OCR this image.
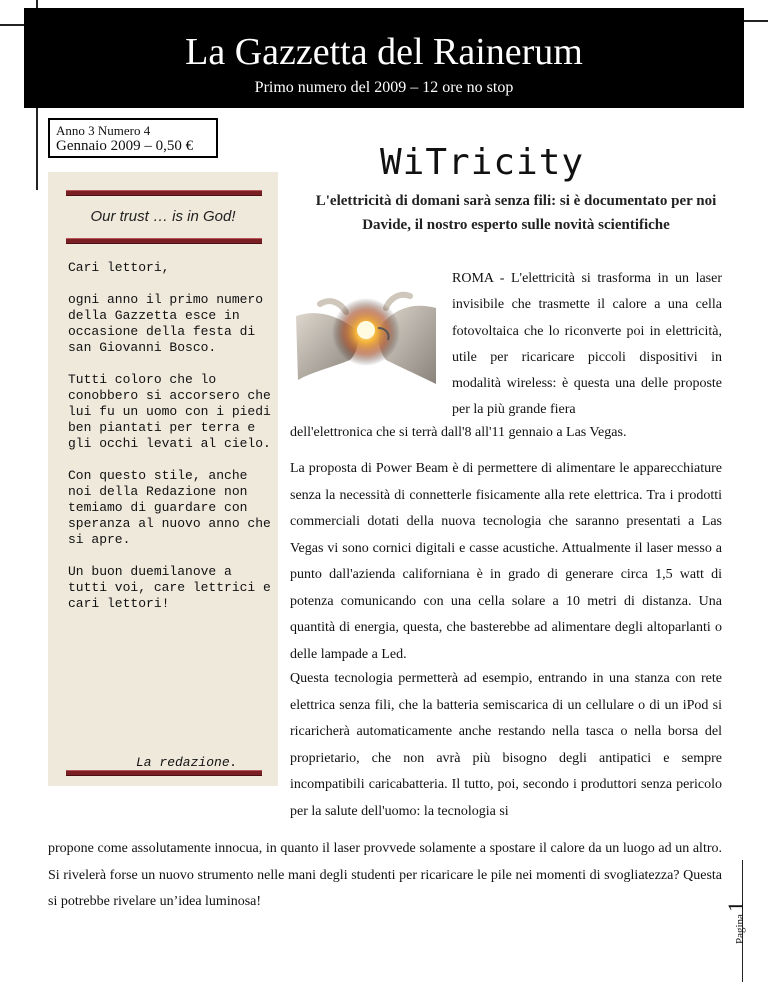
La Gazzetta del Rainerum
Primo numero del 2009 – 12 ore no stop
Anno 3 Numero 4
Gennaio 2009 – 0,50 €	WiTricity
L'elettricità di domani sarà senza fili: si è documentato per noi
Davide, il nostro esperto sulle novità scientifiche
Our trust … is in God!

Cari lettori,

ogni anno il primo numero della Gazzetta esce in occasione della festa di san Giovanni Bosco.

Tutti coloro che lo conobbero si accorsero che lui fu un uomo con i piedi ben piantati per terra e gli occhi levati al cielo.

Con questo stile, anche noi della Redazione non temiamo di guardare con speranza al nuovo anno che si apre.

Un buon duemilanove a tutti voi, care lettrici e cari lettori!

La redazione.

ROMA - L'elettricità si trasforma in un laser invisibile che trasmette il calore a una cella fotovoltaica che lo riconverte poi in elettricità, utile per ricaricare piccoli dispositivi in modalità wireless: è questa una delle proposte per la più grande fiera

dell'elettronica che si terrà dall'8 all'11 gennaio a Las Vegas.

La proposta di Power Beam è di permettere di alimentare le apparecchiature senza la necessità di connetterle fisicamente alla rete elettrica. Tra i prodotti commerciali dotati della nuova tecnologia che saranno presentati a Las Vegas vi sono cornici digitali e casse acustiche. Attualmente il laser messo a punto dall'azienda californiana è in grado di generare circa 1,5 watt di potenza comunicando con una cella solare a 10 metri di distanza. Una quantità di energia, questa, che basterebbe ad alimentare degli altoparlanti o delle lampade a Led.

Questa tecnologia permetterà ad esempio, entrando in una stanza con rete elettrica senza fili, che la batteria semiscarica di un cellulare o di un iPod si ricaricherà automaticamente anche restando nella tasca o nella borsa del proprietario, che non avrà più bisogno degli antipatici e sempre incompatibili caricabatteria. Il tutto, poi, secondo i produttori senza pericolo per la salute dell'uomo: la tecnologia si

propone come assolutamente innocua, in quanto il laser provvede solamente a spostare il calore da un luogo ad un altro. Si rivelerà forse un nuovo strumento nelle mani degli studenti per ricaricare le pile nei momenti di svogliatezza? Questa si potrebbe rivelare un’idea luminosa!

Pagina1
